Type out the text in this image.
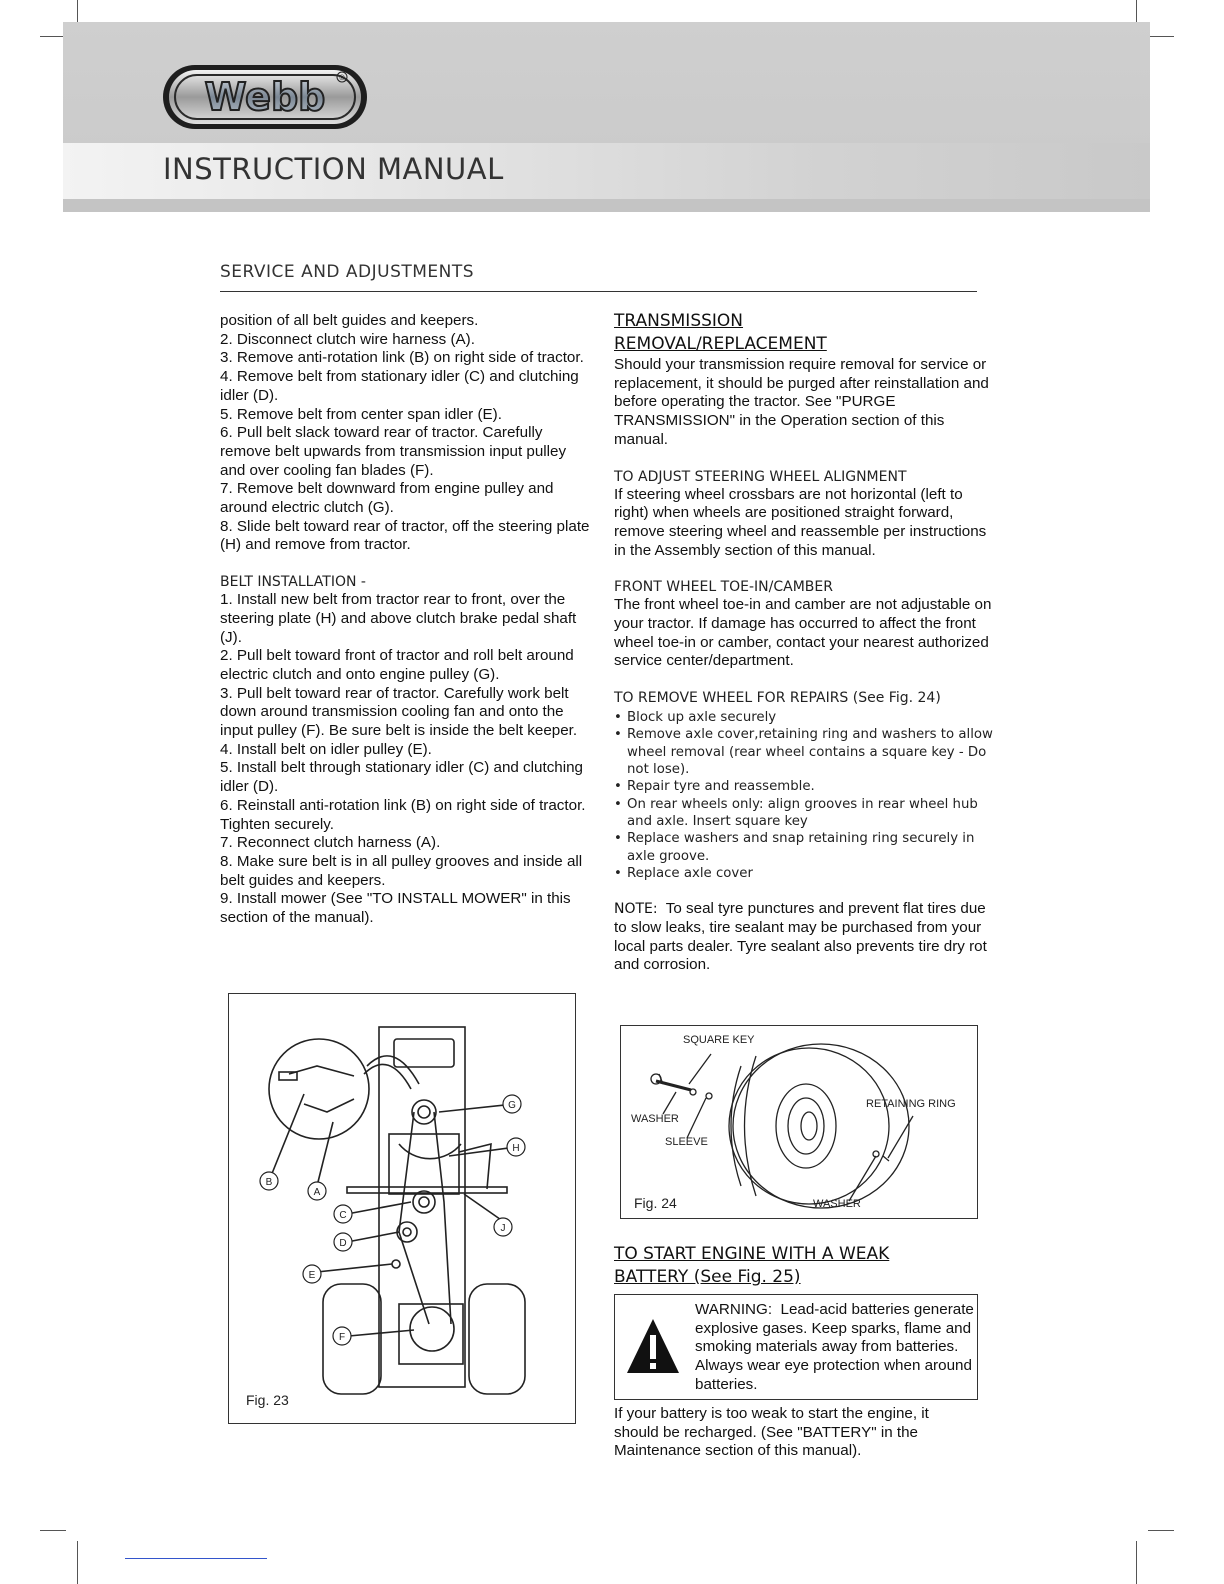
Webb ®
INSTRUCTION MANUAL
SERVICE AND ADJUSTMENTS

position of all belt guides and keepers.

2. Disconnect clutch wire harness (A).

3. Remove anti-rotation link (B) on right side of tractor.

4. Remove belt from stationary idler (C) and clutching idler (D).

5. Remove belt from center span idler (E).

6. Pull belt slack toward rear of tractor. Carefully remove belt upwards from transmission input pulley and over cooling fan blades (F).

7. Remove belt downward from engine pulley and around electric clutch (G).

8. Slide belt toward rear of tractor, off the steering plate (H) and remove from tractor.

BELT INSTALLATION -

1. Install new belt from tractor rear to front, over the steering plate (H) and above clutch brake pedal shaft (J).

2. Pull belt toward front of tractor and roll belt around electric clutch and onto engine pulley (G).

3. Pull belt toward rear of tractor. Carefully work belt down around transmission cooling fan and onto the input pulley (F). Be sure belt is inside the belt keeper.

4. Install belt on idler pulley (E).

5. Install belt through stationary idler (C) and clutching idler (D).

6. Reinstall anti-rotation link (B) on right side of tractor. Tighten securely.

7. Reconnect clutch harness (A).

8. Make sure belt is in all pulley grooves and inside all belt guides and keepers.

9. Install mower (See "TO INSTALL MOWER" in this section of the manual).

B
A
C
D
E
F
G
H
J
Fig. 23

TRANSMISSION

REMOVAL/REPLACEMENT

Should your transmission require removal for service or replacement, it should be purged after reinstallation and before operating the tractor. See "PURGE TRANSMISSION" in the Operation section of this manual.

TO ADJUST STEERING WHEEL ALIGNMENT

If steering wheel crossbars are not horizontal (left to right) when wheels are positioned straight forward, remove steering wheel and reassemble per instructions in the Assembly section of this manual.

FRONT WHEEL TOE-IN/CAMBER

The front wheel toe-in and camber are not adjustable on your tractor. If damage has occurred to affect the front wheel toe-in or camber, contact your nearest authorized service center/department.

TO REMOVE WHEEL FOR REPAIRS (See Fig. 24)

• Block up axle securely
• Remove axle cover,retaining ring and washers to allow wheel removal (rear wheel contains a square key - Do not lose).
• Repair tyre and reassemble.
• On rear wheels only: align grooves in rear wheel hub and axle. Insert square key
• Replace washers and snap retaining ring securely in axle groove.
• Replace axle cover

NOTE: To seal tyre punctures and prevent flat tires due to slow leaks, tire sealant may be purchased from your local parts dealer. Tyre sealant also prevents tire dry rot and corrosion.

SQUARE KEY
WASHER
SLEEVE
RETAINING RING
WASHER
Fig. 24

TO START ENGINE WITH A WEAK

BATTERY (See Fig. 25)

WARNING: Lead-acid batteries generate explosive gases. Keep sparks, flame and smoking materials away from batteries. Always wear eye protection when around batteries.
If your battery is too weak to start the engine, it should be recharged. (See "BATTERY" in the Maintenance section of this manual).
